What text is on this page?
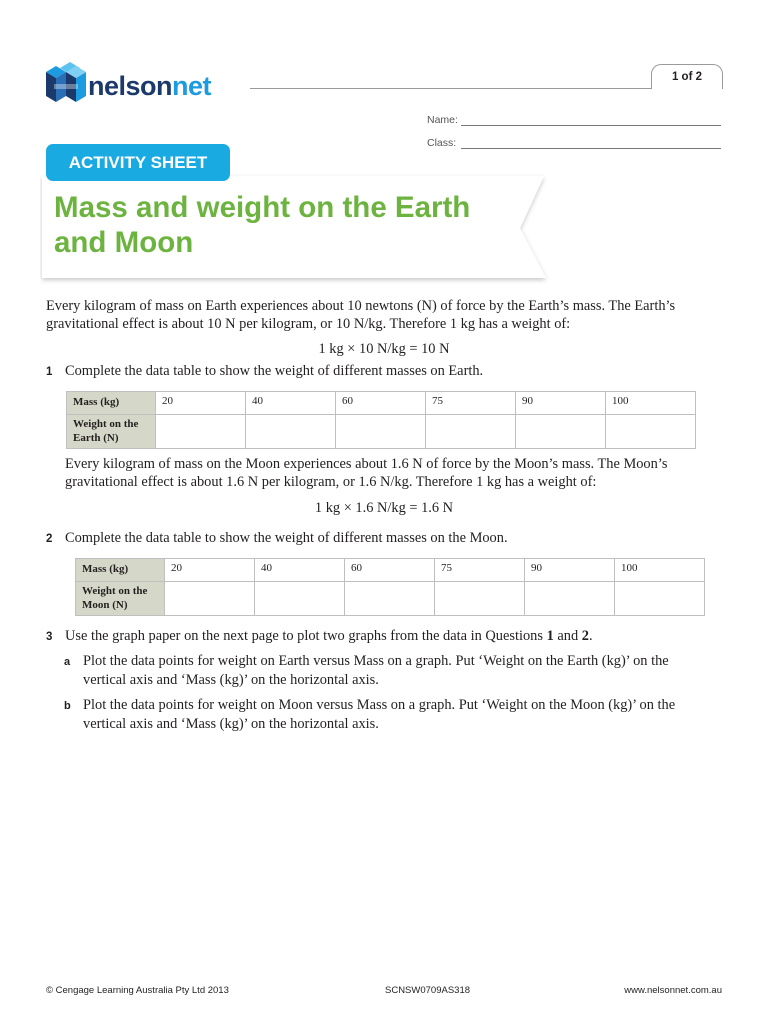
nelsonnet	1 of 2
Name:
Class:
ACTIVITY SHEET
Mass and weight on the Earth
and Moon
Every kilogram of mass on Earth experiences about 10 newtons (N) of force by the Earth’s mass. The Earth’s
gravitational effect is about 10 N per kilogram, or 10 N/kg. Therefore 1 kg has a weight of:
1 kg × 10 N/kg = 10 N
1 Complete the data table to show the weight of different masses on Earth.
Mass (kg)	20	40	60	75	90	100
Weight on the
Earth (N)						
Every kilogram of mass on the Moon experiences about 1.6 N of force by the Moon’s mass. The Moon’s
gravitational effect is about 1.6 N per kilogram, or 1.6 N/kg. Therefore 1 kg has a weight of:
1 kg × 1.6 N/kg = 1.6 N
2 Complete the data table to show the weight of different masses on the Moon.
Mass (kg)	20	40	60	75	90	100
Weight on the
Moon (N)						
3 Use the graph paper on the next page to plot two graphs from the data in Questions 1 and 2.
a Plot the data points for weight on Earth versus Mass on a graph. Put ‘Weight on the Earth (kg)’ on the
vertical axis and ‘Mass (kg)’ on the horizontal axis.
b Plot the data points for weight on Moon versus Mass on a graph. Put ‘Weight on the Moon (kg)’ on the
vertical axis and ‘Mass (kg)’ on the horizontal axis.
© Cengage Learning Australia Pty Ltd 2013	SCNSW0709AS318	www.nelsonnet.com.au
